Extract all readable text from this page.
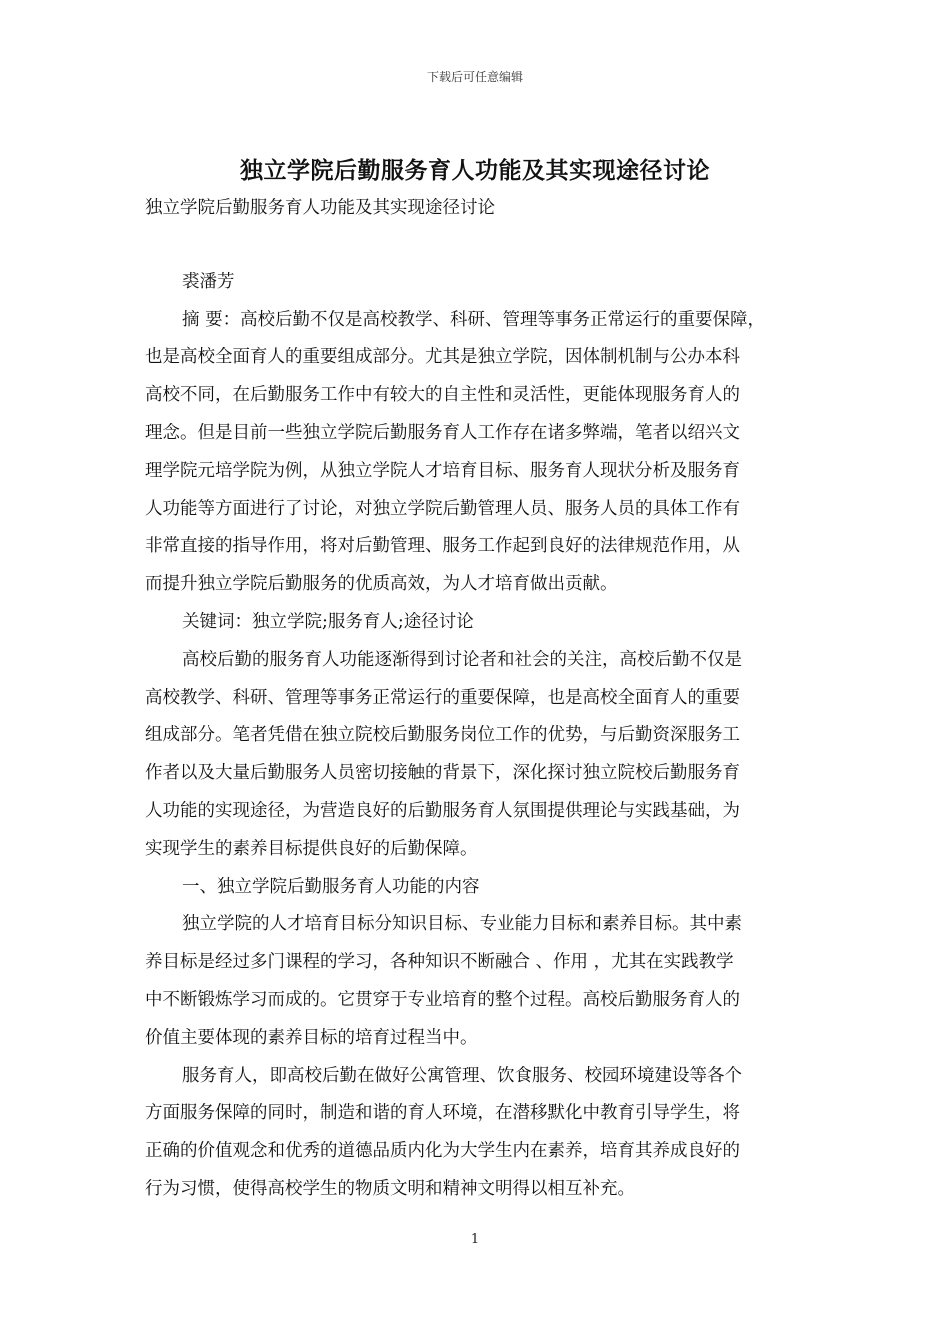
下载后可任意编辑
独立学院后勤服务育人功能及其实现途径讨论
独立学院后勤服务育人功能及其实现途径讨论
裘潘芳
摘 要：高校后勤不仅是高校教学、科研、管理等事务正常运行的重要保障，
也是高校全面育人的重要组成部分。尤其是独立学院，因体制机制与公办本科
高校不同，在后勤服务工作中有较大的自主性和灵活性，更能体现服务育人的
理念。但是目前一些独立学院后勤服务育人工作存在诸多弊端，笔者以绍兴文
理学院元培学院为例，从独立学院人才培育目标、服务育人现状分析及服务育
人功能等方面进行了讨论，对独立学院后勤管理人员、服务人员的具体工作有
非常直接的指导作用，将对后勤管理、服务工作起到良好的法律规范作用，从
而提升独立学院后勤服务的优质高效，为人才培育做出贡献。
关键词：独立学院;服务育人;途径讨论
高校后勤的服务育人功能逐渐得到讨论者和社会的关注，高校后勤不仅是
高校教学、科研、管理等事务正常运行的重要保障，也是高校全面育人的重要
组成部分。笔者凭借在独立院校后勤服务岗位工作的优势，与后勤资深服务工
作者以及大量后勤服务人员密切接触的背景下，深化探讨独立院校后勤服务育
人功能的实现途径，为营造良好的后勤服务育人氛围提供理论与实践基础，为
实现学生的素养目标提供良好的后勤保障。
一、独立学院后勤服务育人功能的内容
独立学院的人才培育目标分知识目标、专业能力目标和素养目标。其中素
养目标是经过多门课程的学习，各种知识不断融合 、作用 ，尤其在实践教学
中不断锻炼学习而成的。它贯穿于专业培育的整个过程。高校后勤服务育人的
价值主要体现的素养目标的培育过程当中。
服务育人，即高校后勤在做好公寓管理、饮食服务、校园环境建设等各个
方面服务保障的同时，制造和谐的育人环境，在潜移默化中教育引导学生，将
正确的价值观念和优秀的道德品质内化为大学生内在素养，培育其养成良好的
行为习惯，使得高校学生的物质文明和精神文明得以相互补充。
1
